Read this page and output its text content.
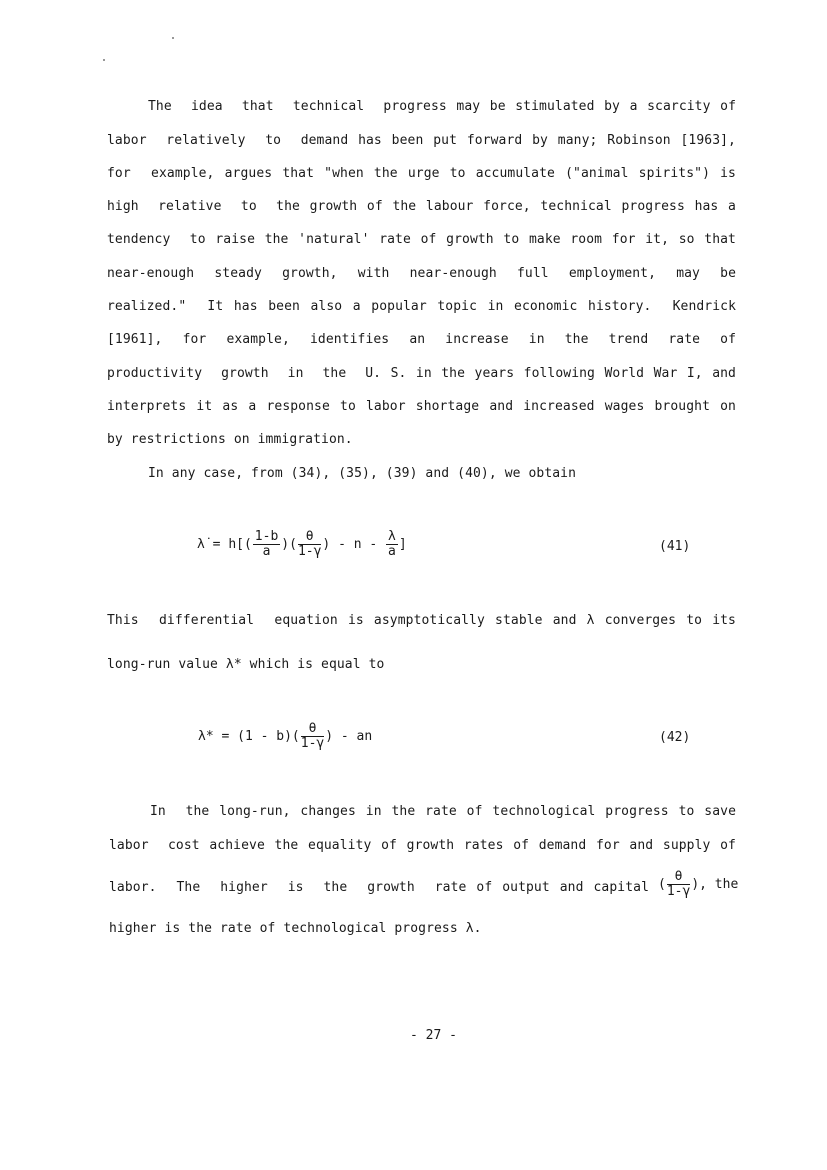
The  idea  that  technical  progress may be stimulated by a scarcity of
labor  relatively  to  demand has been put forward by many; Robinson [1963],
for  example, argues that "when the urge to accumulate ("animal spirits") is
high  relative  to  the growth of the labour force, technical progress has a
tendency  to raise the 'natural' rate of growth to make room for it, so that
near-enough  steady  growth,  with  near-enough  full  employment,  may  be
realized."  It has been also a popular topic in economic history.  Kendrick
[1961],  for  example,  identifies  an  increase  in  the  trend  rate  of
productivity  growth  in  the  U. S. in the years following World War I, and
interprets it as a response to labor shortage and increased wages brought on
by restrictions on immigration.
In any case, from (34), (35), (39) and (40), we obtain
λ̇ = $h[( \frac{1-b}{a}$ )( $\frac{\theta}{1-\gamma}$ ) - n - $\frac{\lambda}{a}$ ]	(41)
This  differential  equation is asymptotically stable and λ converges to its
long-run value λ* which is equal to
$\lambda* = (1 - b)( \frac{\theta}{1-\gamma}$ ) - an	(42)
In  the long-run, changes in the rate of technological progress to save
labor  cost achieve the equality of growth rates of demand for and supply of
labor.  The  higher  is  the  growth  rate of output and capital ( $\frac{\theta}{1-\gamma}$ ), the
higher is the rate of technological progress λ.
- 27 -
